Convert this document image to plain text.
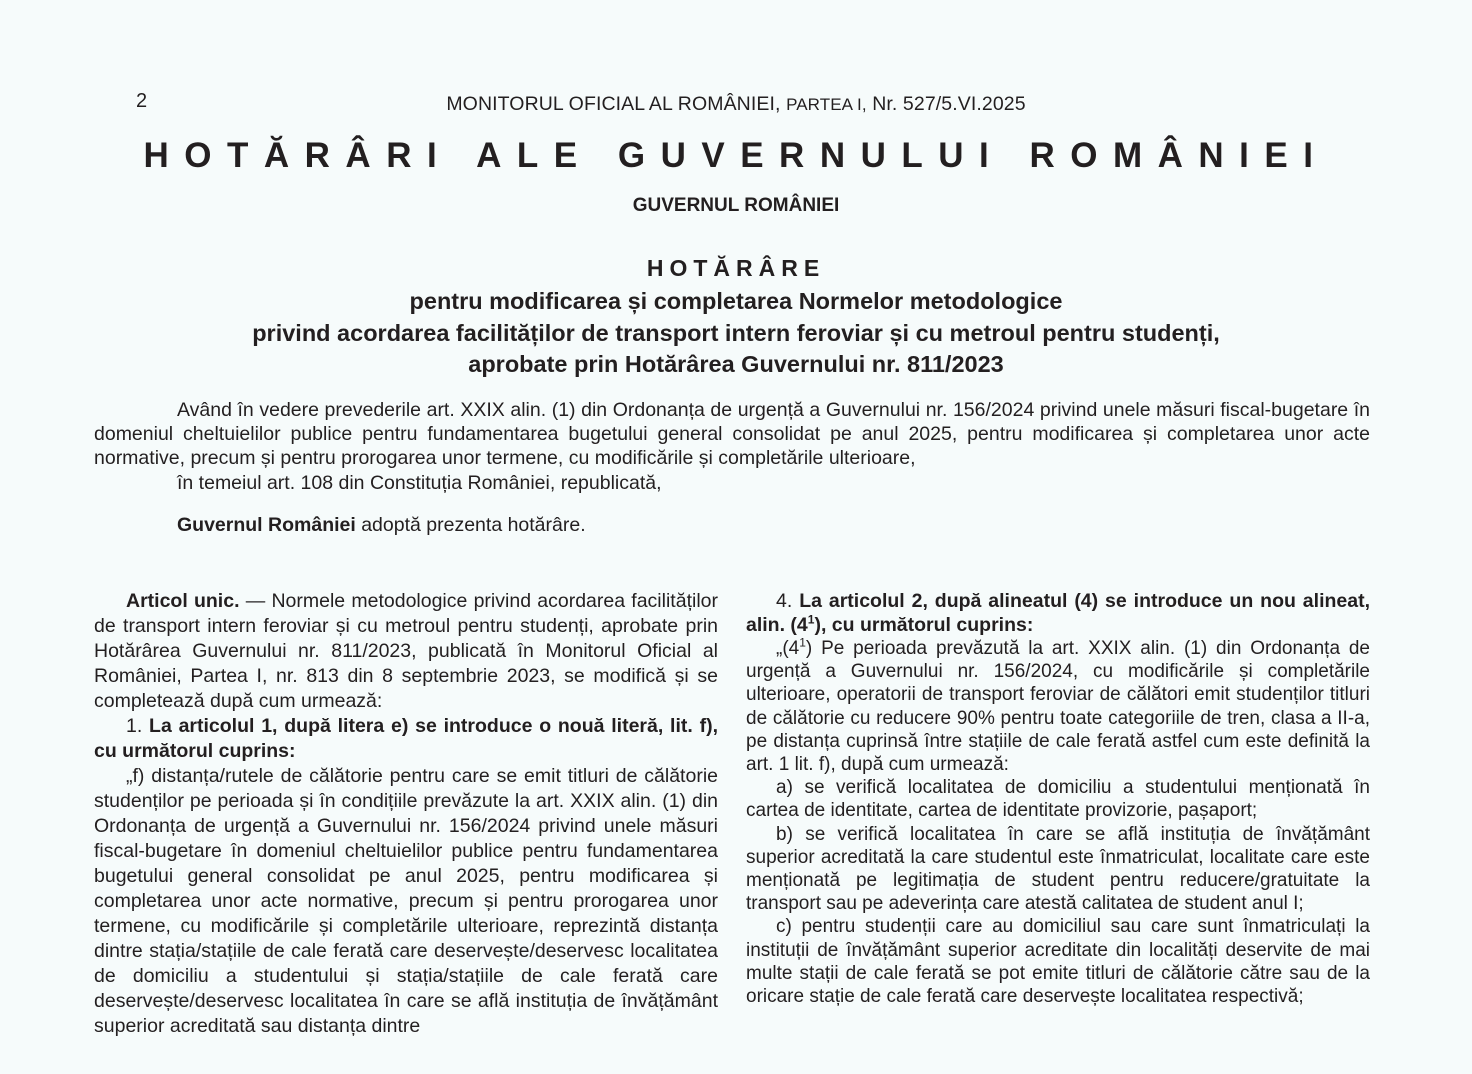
2	MONITORUL OFICIAL AL ROMÂNIEI, PARTEA I, Nr. 527/5.VI.2025
HOTĂRÂRI ALE GUVERNULUI ROMÂNIEI
GUVERNUL ROMÂNIEI
HOTĂRÂRE
pentru modificarea și completarea Normelor metodologice
privind acordarea facilităților de transport intern feroviar și cu metroul pentru studenți,
aprobate prin Hotărârea Guvernului nr. 811/2023

Având în vedere prevederile art. XXIX alin. (1) din Ordonanța de urgență a Guvernului nr. 156/2024 privind unele măsuri fiscal-bugetare în domeniul cheltuielilor publice pentru fundamentarea bugetului general consolidat pe anul 2025, pentru modificarea și completarea unor acte normative, precum și pentru prorogarea unor termene, cu modificările și completările ulterioare,

în temeiul art. 108 din Constituția României, republicată,

Guvernul României adoptă prezenta hotărâre.

Articol unic. — Normele metodologice privind acordarea facilităților de transport intern feroviar și cu metroul pentru studenți, aprobate prin Hotărârea Guvernului nr. 811/2023, publicată în Monitorul Oficial al României, Partea I, nr. 813 din 8 septembrie 2023, se modifică și se completează după cum urmează:

1. La articolul 1, după litera e) se introduce o nouă literă, lit. f), cu următorul cuprins:

„f) distanța/rutele de călătorie pentru care se emit titluri de călătorie studenților pe perioada și în condițiile prevăzute la art. XXIX alin. (1) din Ordonanța de urgență a Guvernului nr. 156/2024 privind unele măsuri fiscal-bugetare în domeniul cheltuielilor publice pentru fundamentarea bugetului general consolidat pe anul 2025, pentru modificarea și completarea unor acte normative, precum și pentru prorogarea unor termene, cu modificările și completările ulterioare, reprezintă distanța dintre stația/stațiile de cale ferată care deservește/deservesc localitatea de domiciliu a studentului și stația/stațiile de cale ferată care deservește/deservesc localitatea în care se află instituția de învățământ superior acreditată sau distanța dintre

4. La articolul 2, după alineatul (4) se introduce un nou alineat, alin. $(4^1)$, cu următorul cuprins:

$„(4^1)$ Pe perioada prevăzută la art. XXIX alin. (1) din Ordonanța de urgență a Guvernului nr. 156/2024, cu modificările și completările ulterioare, operatorii de transport feroviar de călători emit studenților titluri de călătorie cu reducere 90% pentru toate categoriile de tren, clasa a II-a, pe distanța cuprinsă între stațiile de cale ferată astfel cum este definită la art. 1 lit. f), după cum urmează:

a) se verifică localitatea de domiciliu a studentului menționată în cartea de identitate, cartea de identitate provizorie, pașaport;

b) se verifică localitatea în care se află instituția de învățământ superior acreditată la care studentul este înmatriculat, localitate care este menționată pe legitimația de student pentru reducere/gratuitate la transport sau pe adeverința care atestă calitatea de student anul I;

c) pentru studenții care au domiciliul sau care sunt înmatriculați la instituții de învățământ superior acreditate din localități deservite de mai multe stații de cale ferată se pot emite titluri de călătorie către sau de la oricare stație de cale ferată care deservește localitatea respectivă;
